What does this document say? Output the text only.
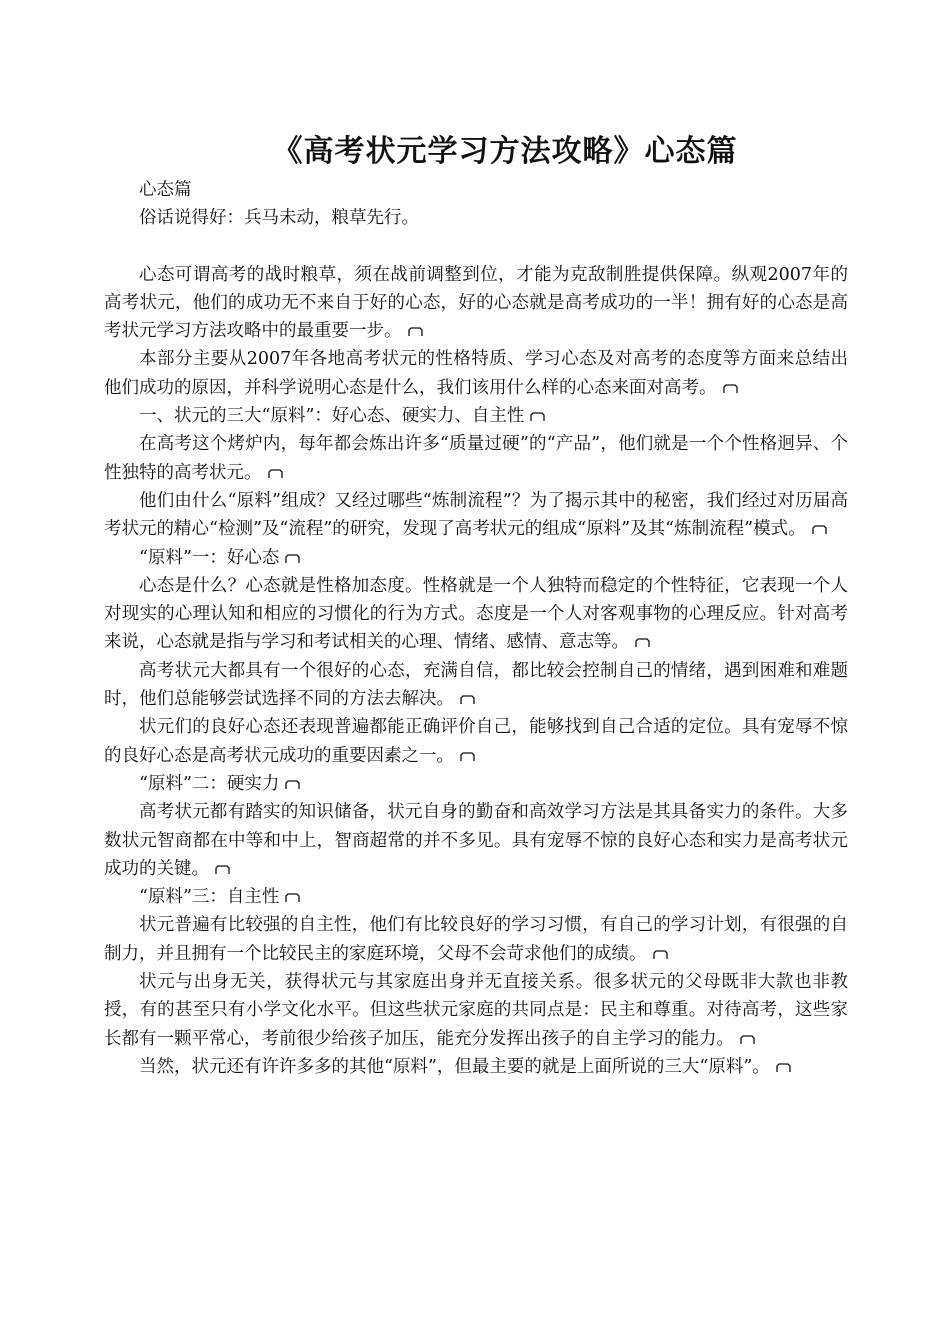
《高考状元学习方法攻略》心态篇

心态篇

俗话说得好：兵马未动，粮草先行。

心态可谓高考的战时粮草，须在战前调整到位，才能为克敌制胜提供保障。纵观2007年的高考状元，他们的成功无不来自于好的心态，好的心态就是高考成功的一半！拥有好的心态是高考状元学习方法攻略中的最重要一步。

本部分主要从2007年各地高考状元的性格特质、学习心态及对高考的态度等方面来总结出他们成功的原因，并科学说明心态是什么，我们该用什么样的心态来面对高考。

一、状元的三大“原料”：好心态、硬实力、自主性

在高考这个烤炉内，每年都会炼出许多“质量过硬”的“产品”，他们就是一个个性格迥异、个性独特的高考状元。

他们由什么“原料”组成？又经过哪些“炼制流程”？为了揭示其中的秘密，我们经过对历届高考状元的精心“检测”及“流程”的研究，发现了高考状元的组成“原料”及其“炼制流程”模式。

“原料”一：好心态

心态是什么？心态就是性格加态度。性格就是一个人独特而稳定的个性特征，它表现一个人对现实的心理认知和相应的习惯化的行为方式。态度是一个人对客观事物的心理反应。针对高考来说，心态就是指与学习和考试相关的心理、情绪、感情、意志等。

高考状元大都具有一个很好的心态，充满自信，都比较会控制自己的情绪，遇到困难和难题时，他们总能够尝试选择不同的方法去解决。

状元们的良好心态还表现普遍都能正确评价自己，能够找到自己合适的定位。具有宠辱不惊的良好心态是高考状元成功的重要因素之一。

“原料”二：硬实力

高考状元都有踏实的知识储备，状元自身的勤奋和高效学习方法是其具备实力的条件。大多数状元智商都在中等和中上，智商超常的并不多见。具有宠辱不惊的良好心态和实力是高考状元成功的关键。

“原料”三：自主性

状元普遍有比较强的自主性，他们有比较良好的学习习惯，有自己的学习计划，有很强的自制力，并且拥有一个比较民主的家庭环境，父母不会苛求他们的成绩。

状元与出身无关，获得状元与其家庭出身并无直接关系。很多状元的父母既非大款也非教授，有的甚至只有小学文化水平。但这些状元家庭的共同点是：民主和尊重。对待高考，这些家长都有一颗平常心，考前很少给孩子加压，能充分发挥出孩子的自主学习的能力。

当然，状元还有许许多多的其他“原料”，但最主要的就是上面所说的三大“原料”。
